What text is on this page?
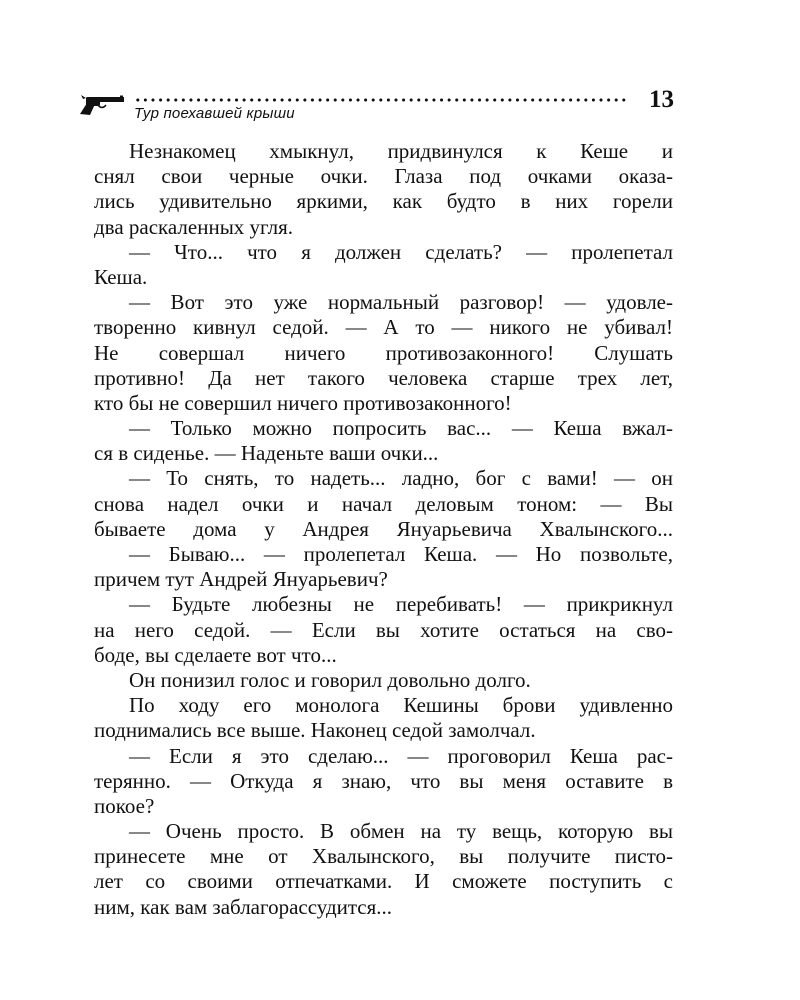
Тур поехавшей крыши
13
Незнакомец хмыкнул, придвинулся к Кеше и
снял свои черные очки. Глаза под очками оказа-
лись удивительно яркими, как будто в них горели
два раскаленных угля.
— Что... что я должен сделать? — пролепетал
Кеша.
— Вот это уже нормальный разговор! — удовле-
творенно кивнул седой. — А то — никого не убивал!
Не совершал ничего противозаконного! Слушать
противно! Да нет такого человека старше трех лет,
кто бы не совершил ничего противозаконного!
— Только можно попросить вас... — Кеша вжал-
ся в сиденье. — Наденьте ваши очки...
— То снять, то надеть... ладно, бог с вами! — он
снова надел очки и начал деловым тоном: — Вы
бываете дома у Андрея Януарьевича Хвалынского...
— Бываю... — пролепетал Кеша. — Но позвольте,
причем тут Андрей Януарьевич?
— Будьте любезны не перебивать! — прикрикнул
на него седой. — Если вы хотите остаться на сво-
боде, вы сделаете вот что...
Он понизил голос и говорил довольно долго.
По ходу его монолога Кешины брови удивленно
поднимались все выше. Наконец седой замолчал.
— Если я это сделаю... — проговорил Кеша рас-
терянно. — Откуда я знаю, что вы меня оставите в
покое?
— Очень просто. В обмен на ту вещь, которую вы
принесете мне от Хвалынского, вы получите писто-
лет со своими отпечатками. И сможете поступить с
ним, как вам заблагорассудится...
